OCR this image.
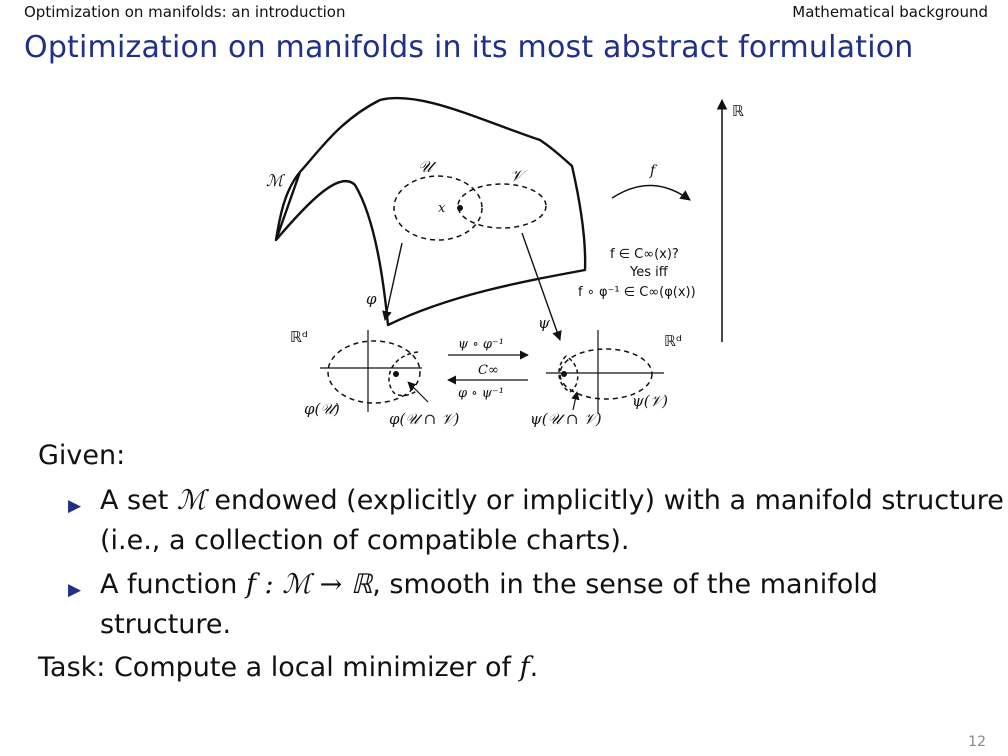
Optimization on manifolds: an introduction	Mathematical background
Optimization on manifolds in its most abstract formulation
ℳ
𝒰	𝒱
x
f
ℝ
f ∈ C∞(x)?
Yes iff
f ∘ φ⁻¹ ∈ C∞(φ(x))
φ
ψ
ℝᵈ
φ(𝒰)
φ(𝒰 ∩ 𝒱)
ψ ∘ φ⁻¹
C∞
φ ∘ ψ⁻¹
ℝᵈ
ψ(𝒰 ∩ 𝒱)
ψ(𝒱)
Given:
▶ A set ℳ endowed (explicitly or implicitly) with a manifold structure
(i.e., a collection of compatible charts).
▶ A function f : ℳ → ℝ, smooth in the sense of the manifold
structure.
Task: Compute a local minimizer of f.
12
